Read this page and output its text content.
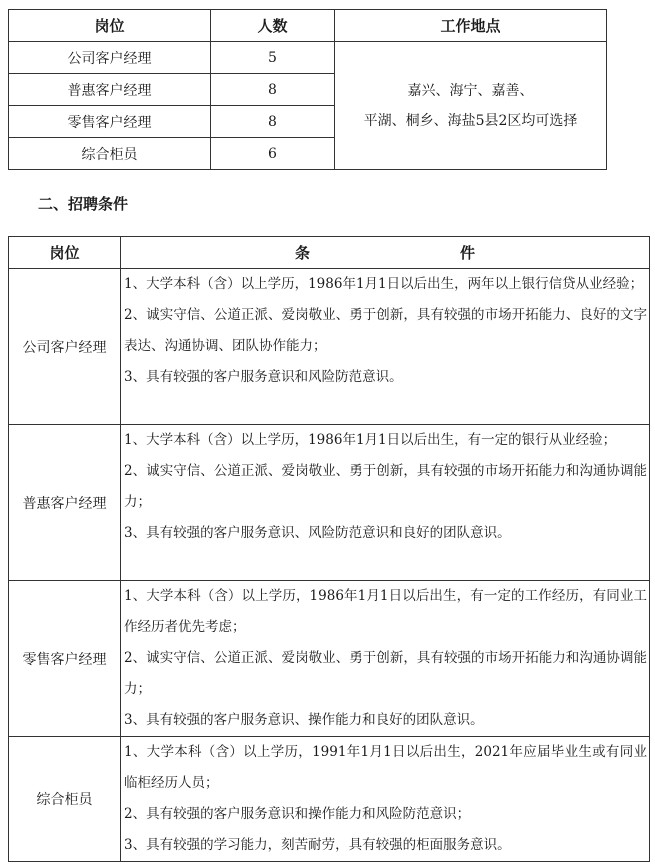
岗位	人数	工作地点
公司客户经理	5	嘉兴、海宁、嘉善、
平湖、桐乡、海盐5县2区均可选择

普惠客户经理	8	
零售客户经理	8	
综合柜员	6	
二、招聘条件
岗位	条 件
公司客户经理	1、大学本科（含）以上学历，1986年1月1日以后出生，两年以上银行信贷从业经验；

2、诚实守信、公道正派、爱岗敬业、勇于创新，具有较强的市场开拓能力、良好的文字表达、沟通协调、团队协作能力；

3、具有较强的客户服务意识和风险防范意识。

普惠客户经理	1、大学本科（含）以上学历，1986年1月1日以后出生，有一定的银行从业经验；

2、诚实守信、公道正派、爱岗敬业、勇于创新，具有较强的市场开拓能力和沟通协调能力；

3、具有较强的客户服务意识、风险防范意识和良好的团队意识。

零售客户经理	1、大学本科（含）以上学历，1986年1月1日以后出生，有一定的工作经历，有同业工作经历者优先考虑；

2、诚实守信、公道正派、爱岗敬业、勇于创新，具有较强的市场开拓能力和沟通协调能力；

3、具有较强的客户服务意识、操作能力和良好的团队意识。

综合柜员	1、大学本科（含）以上学历，1991年1月1日以后出生，2021年应届毕业生或有同业临柜经历人员；

2、具有较强的客户服务意识和操作能力和风险防范意识；

3、具有较强的学习能力，刻苦耐劳，具有较强的柜面服务意识。
